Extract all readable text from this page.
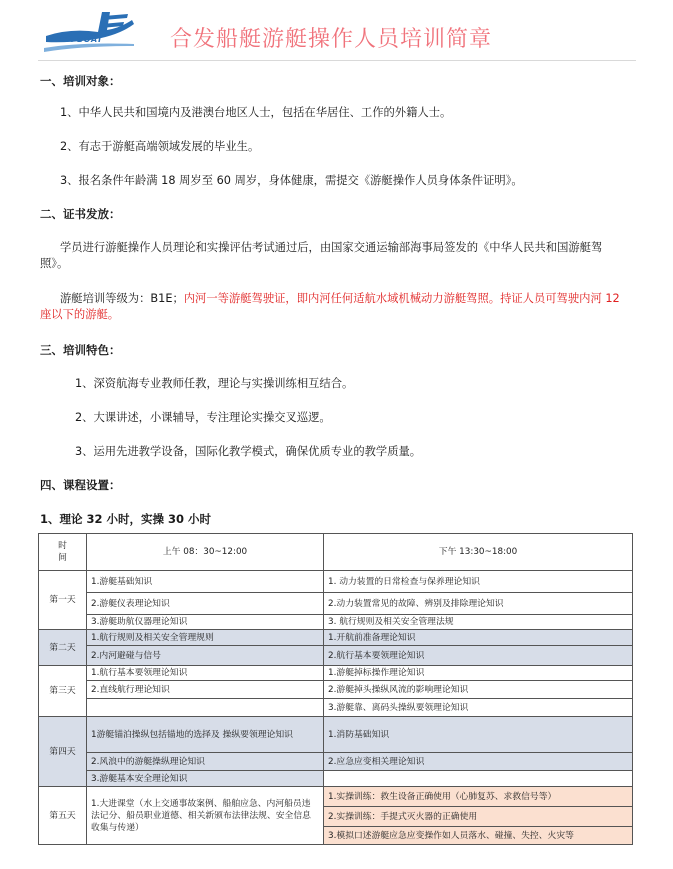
HEFA BOAT	合发船艇游艇操作人员培训简章
一、培训对象：
1、中华人民共和国境内及港澳台地区人士，包括在华居住、工作的外籍人士。
2、有志于游艇高端领域发展的毕业生。
3、报名条件年龄满 18 周岁至 60 周岁，身体健康，需提交《游艇操作人员身体条件证明》。
二、证书发放：
学员进行游艇操作人员理论和实操评估考试通过后，由国家交通运输部海事局签发的《中华人民共和国游艇驾
照》。
游艇培训等级为：B1E；内河一等游艇驾驶证，即内河任何适航水域机械动力游艇驾照。持证人员可驾驶内河 12
座以下的游艇。
三、培训特色：
1、深资航海专业教师任教，理论与实操训练相互结合。
2、大课讲述，小课辅导，专注理论实操交叉巡逻。
3、运用先进教学设备，国际化教学模式，确保优质专业的教学质量。
四、课程设置：
1、理论 32 小时，实操 30 小时
时
间	上午 08：30~12:00	下午 13:30~18:00
第一天	1.游艇基础知识	1. 动力装置的日常检查与保养理论知识
	2.游艇仪表理论知识	2.动力装置常见的故障、辨别及排除理论知识
	3.游艇助航仪器理论知识	3. 航行规则及相关安全管理法规
第二天	1.航行规则及相关安全管理规则	1.开航前准备理论知识
	2.内河避碰与信号	2.航行基本要领理论知识
第三天	1.航行基本要领理论知识	1.游艇掉标操作理论知识
	2.直线航行理论知识	2.游艇掉头操纵风流的影响理论知识
		3.游艇靠、离码头操纵要领理论知识
第四天	1游艇锚泊操纵包括锚地的选择及 操纵要领理论知识	1.消防基础知识
	2.风浪中的游艇操纵理论知识	2.应急应变相关理论知识
	3.游艇基本安全理论知识	
第五天	1.大进课堂（水上交通事故案例、船舶应急、内河船员违法记分、船员职业道德、相关新颁布法律法规、安全信息收集与传递）	1.实操训练：救生设备正确使用（心肺复苏、求救信号等）
		2.实操训练：手提式灭火器的正确使用
		3.模拟口述游艇应急应变操作如人员落水、碰撞、失控、火灾等
